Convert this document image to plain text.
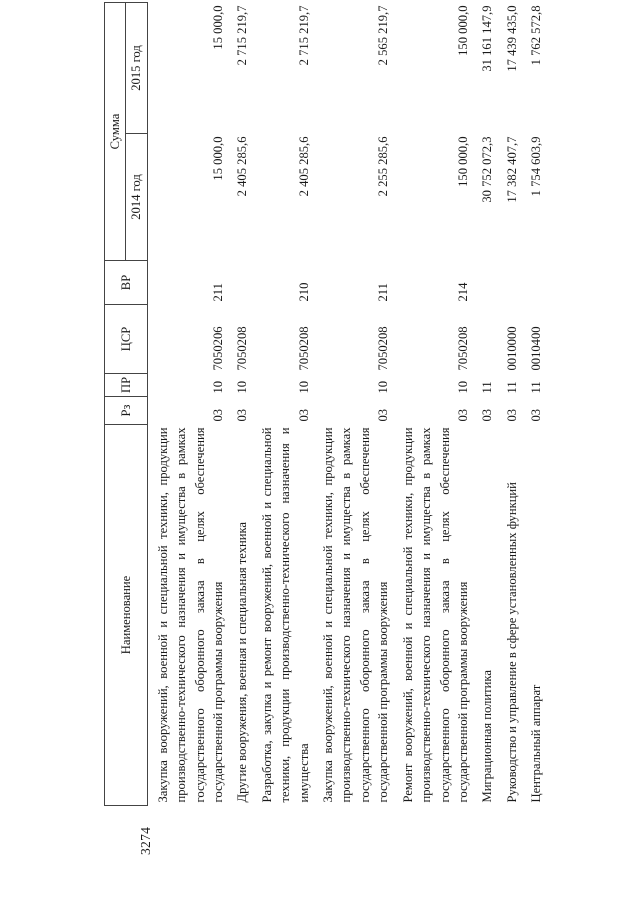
3274
Наименование	Рз	ПР	ЦСР	ВР	Сумма	
					2014 год	2015 год

Закупка вооружений, военной и специальной техники, продукции производственно-технического назначения и имущества в рамках государственного оборонного заказа в целях обеспечения государственной программы вооружения	03	10	7050206	211	15 000,0	15 000,0

Другие вооружения, военная и специальная техника	03	10	7050208		2 405 285,6	2 715 219,7

Разработка, закупка и ремонт вооружений, военной и специальной техники, продукции производственно-технического назначения и имущества	03	10	7050208	210	2 405 285,6	2 715 219,7

Закупка вооружений, военной и специальной техники, продукции производственно-технического назначения и имущества в рамках государственного оборонного заказа в целях обеспечения государственной программы вооружения	03	10	7050208	211	2 255 285,6	2 565 219,7

Ремонт вооружений, военной и специальной техники, продукции производственно-технического назначения и имущества в рамках государственного оборонного заказа в целях обеспечения государственной программы вооружения	03	10	7050208	214	150 000,0	150 000,0

Миграционная политика	03	11			30 752 072,3	31 161 147,9

Руководство и управление в сфере установленных функций	03	11	0010000		17 382 407,7	17 439 435,0

Центральный аппарат	03	11	0010400		1 754 603,9	1 762 572,8
